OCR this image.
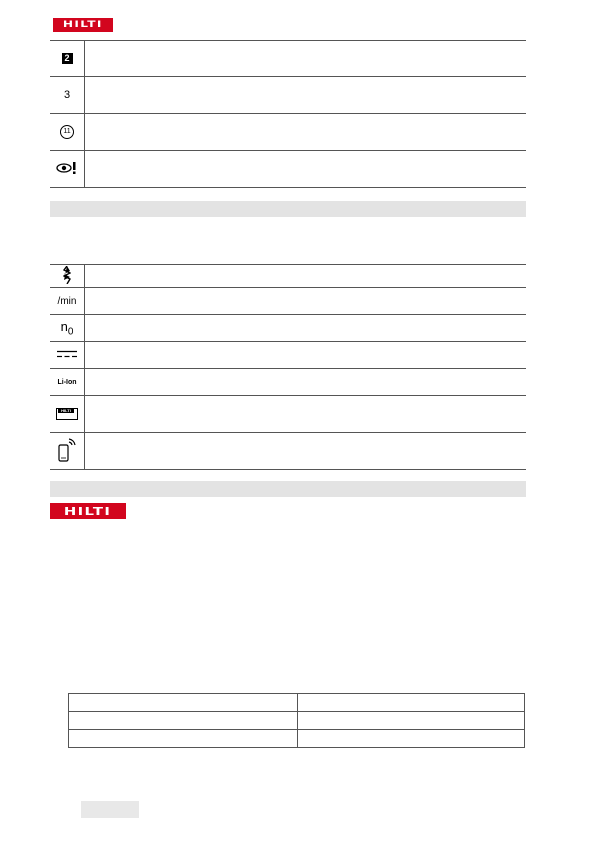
HILTI
2
3
11
/min
$n_0$
Li-Ion
HILTI
HILTI
